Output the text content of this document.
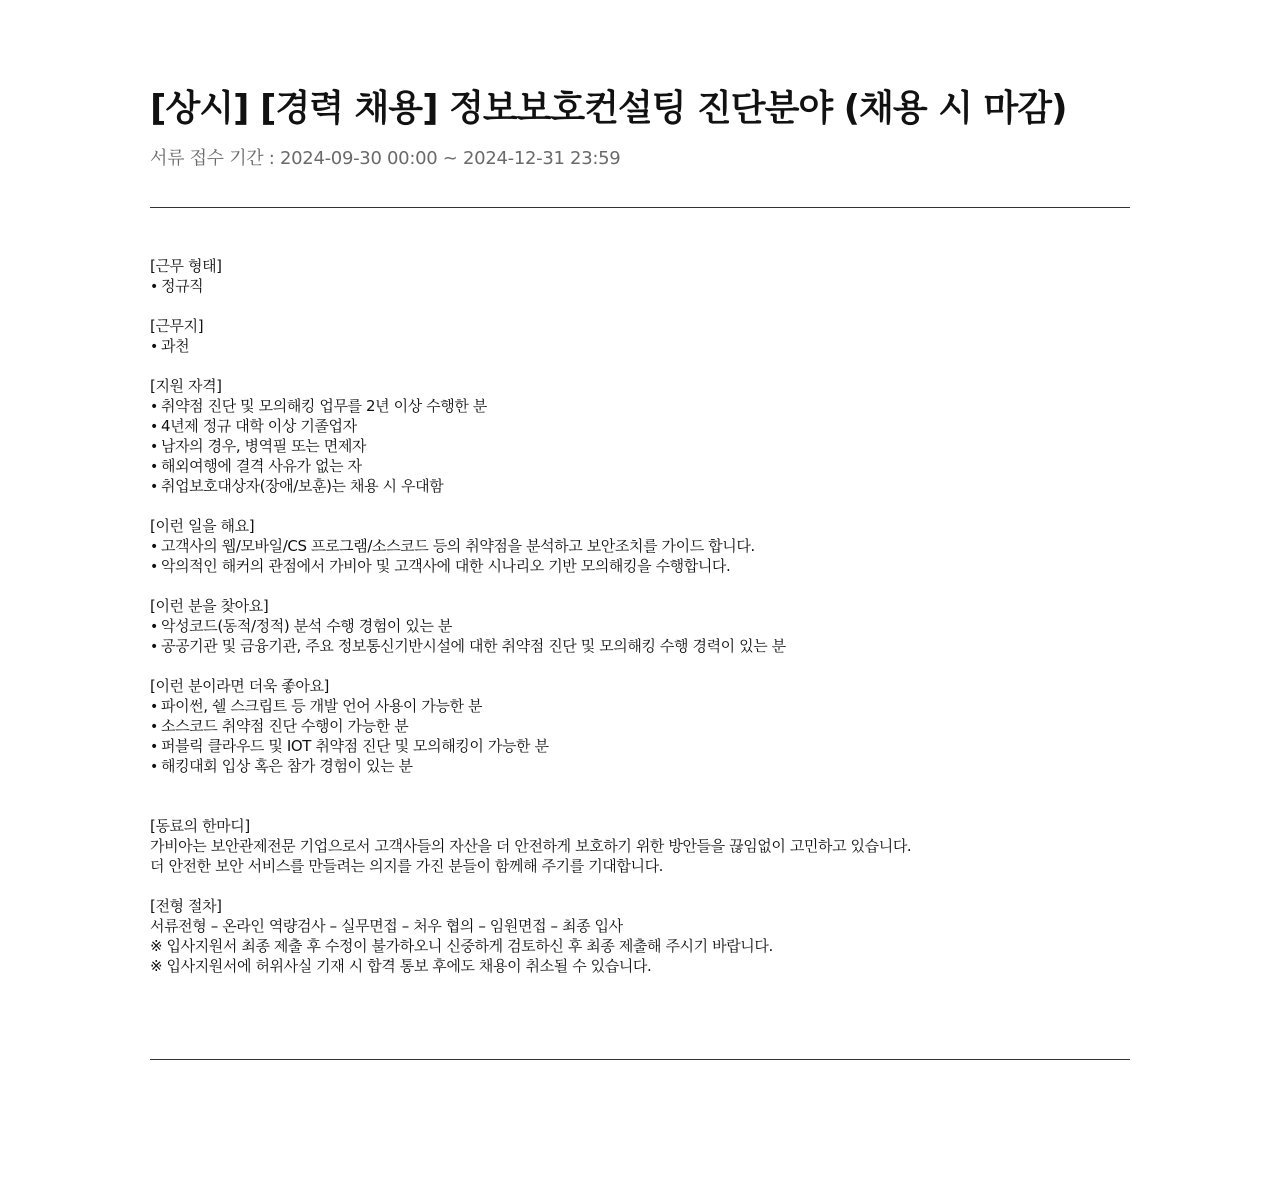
[상시] [경력 채용] 정보보호컨설팅 진단분야 (채용 시 마감)
서류 접수 기간 : 2024-09-30 00:00 ~ 2024-12-31 23:59
[근무 형태]
• 정규직
[근무지]
• 과천
[지원 자격]
• 취약점 진단 및 모의해킹 업무를 2년 이상 수행한 분
• 4년제 정규 대학 이상 기졸업자
• 남자의 경우, 병역필 또는 면제자
• 해외여행에 결격 사유가 없는 자
• 취업보호대상자(장애/보훈)는 채용 시 우대함
[이런 일을 해요]
• 고객사의 웹/모바일/CS 프로그램/소스코드 등의 취약점을 분석하고 보안조치를 가이드 합니다.
• 악의적인 해커의 관점에서 가비아 및 고객사에 대한 시나리오 기반 모의해킹을 수행합니다.
[이런 분을 찾아요]
• 악성코드(동적/정적) 분석 수행 경험이 있는 분
• 공공기관 및 금융기관, 주요 정보통신기반시설에 대한 취약점 진단 및 모의해킹 수행 경력이 있는 분
[이런 분이라면 더욱 좋아요]
• 파이썬, 쉘 스크립트 등 개발 언어 사용이 가능한 분
• 소스코드 취약점 진단 수행이 가능한 분
• 퍼블릭 클라우드 및 IOT 취약점 진단 및 모의해킹이 가능한 분
• 해킹대회 입상 혹은 참가 경험이 있는 분
[동료의 한마디]
가비아는 보안관제전문 기업으로서 고객사들의 자산을 더 안전하게 보호하기 위한 방안들을 끊임없이 고민하고 있습니다.
더 안전한 보안 서비스를 만들려는 의지를 가진 분들이 함께해 주기를 기대합니다.
[전형 절차]
서류전형 – 온라인 역량검사 – 실무면접 – 처우 협의 – 임원면접 – 최종 입사
※ 입사지원서 최종 제출 후 수정이 불가하오니 신중하게 검토하신 후 최종 제출해 주시기 바랍니다.
※ 입사지원서에 허위사실 기재 시 합격 통보 후에도 채용이 취소될 수 있습니다.
